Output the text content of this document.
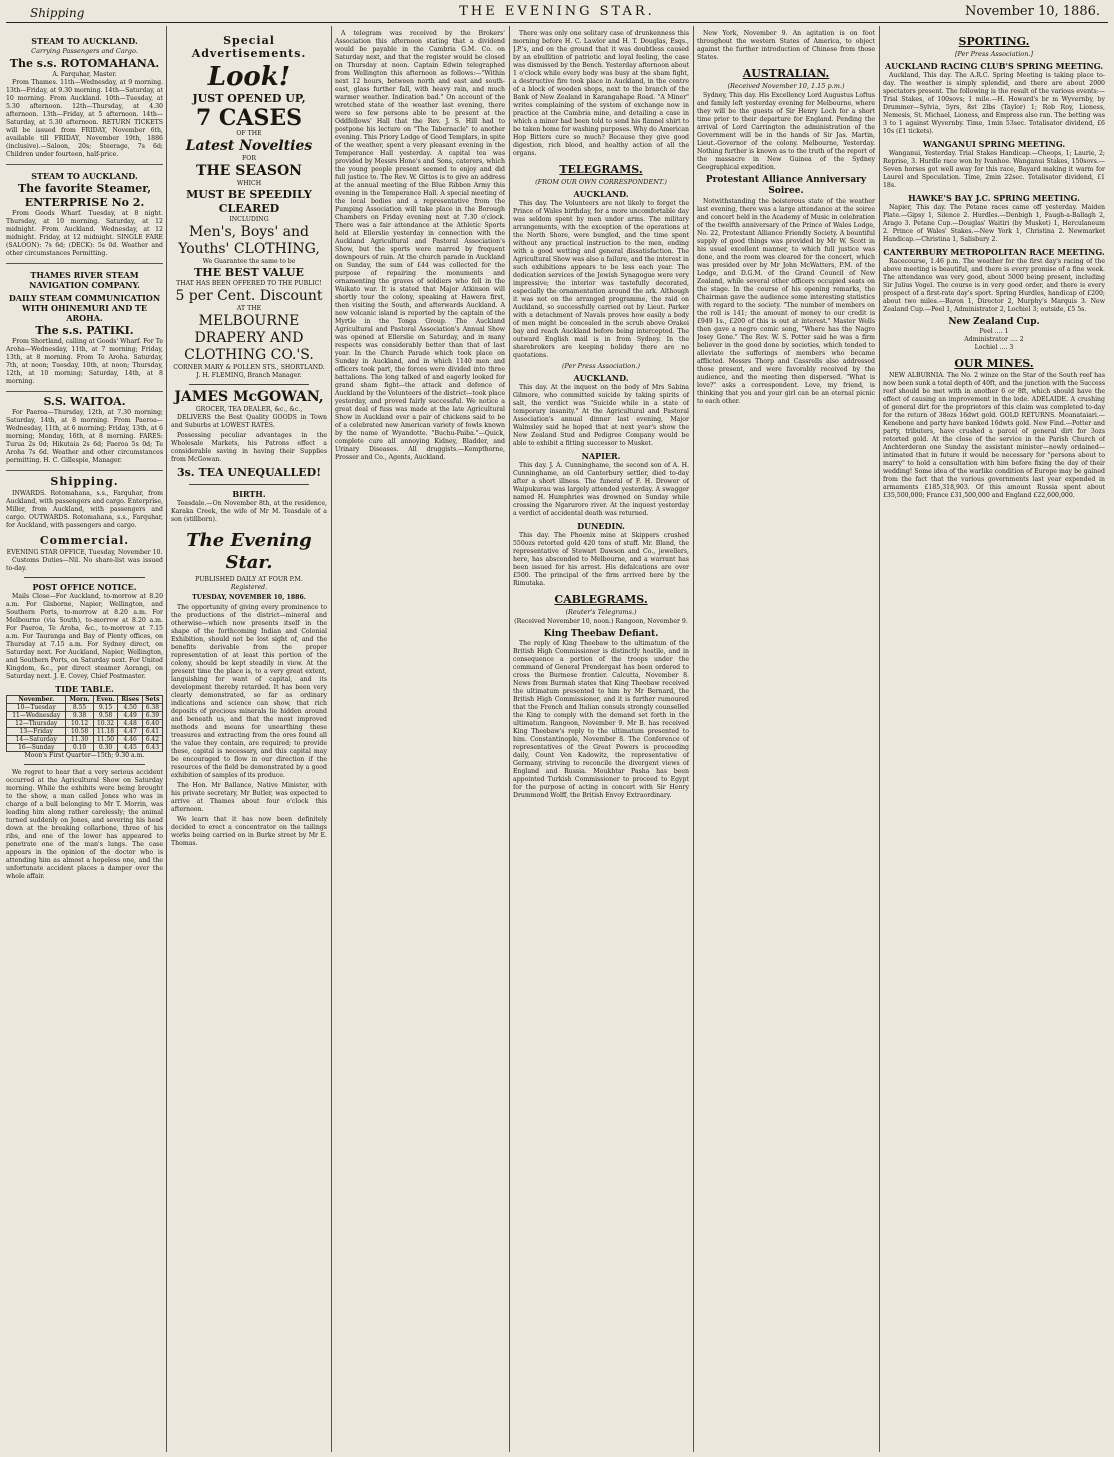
Shipping	THE EVENING STAR.	November 10, 1886.
STEAM TO AUCKLAND.
Carrying Passengers and Cargo.
The s.s. ROTOMAHANA.
A. Farquhar, Master.
From Thames. 11th—Wednesday, at 9 morning. 13th—Friday, at 9.30 morning. 14th—Saturday, at 10 morning. From Auckland. 10th—Tuesday, at 5.30 afternoon. 12th—Thursday, at 4.30 afternoon. 13th—Friday, at 5 afternoon. 14th—Saturday, at 5.30 afternoon. RETURN TICKETS will be issued from FRIDAY, November 6th, available till FRIDAY, November 19th, 1886 (inclusive).—Saloon, 20s; Steerage, 7s 6d; Children under fourteen, half-price.
STEAM TO AUCKLAND.
The favorite Steamer, ENTERPRISE No 2.
From Goods Wharf. Tuesday, at 8 night. Thursday, at 10 morning. Saturday, at 12 midnight. From Auckland. Wednesday, at 12 midnight. Friday, at 12 midnight. SINGLE FARE (SALOON): 7s 6d; (DECK): 5s 0d. Weather and other circumstances Permitting.
THAMES RIVER STEAM NAVIGATION COMPANY.
DAILY STEAM COMMUNICATION WITH OHINEMURI AND TE AROHA.
The s.s. PATIKI.
From Shortland, calling at Goods' Wharf. For Te Aroha—Wednesday, 11th, at 7 morning; Friday, 13th, at 8 morning. From Te Aroha. Saturday, 7th, at noon; Tuesday, 10th, at noon; Thursday, 12th, at 10 morning; Saturday, 14th, at 8 morning.
S.S. WAITOA.
For Paeroa—Thursday, 12th, at 7.30 morning; Saturday, 14th, at 8 morning. From Paeroa—Wednesday, 11th, at 6 morning; Friday, 13th, at 6 morning; Monday, 16th, at 8 morning. FARES: Turua 2s 0d; Hikutaia 2s 6d; Paeroa 5s 0d; Te Aroha 7s 6d. Weather and other circumstances permitting. H. C. Gillespie, Manager.
Shipping.
INWARDS. Rotomahana, s.s., Farquhar, from Auckland, with passengers and cargo. Enterprise, Miller, from Auckland, with passengers and cargo. OUTWARDS. Rotomahana, s.s., Farquhar, for Auckland, with passengers and cargo.
Commercial.
EVENING STAR OFFICE, Tuesday, November 10.
Customs Duties—Nil. No share-list was issued to-day.
POST OFFICE NOTICE.
Mails Close—For Auckland, to-morrow at 8.20 a.m. For Gisborne, Napier, Wellington, and Southern Ports, to-morrow at 8.20 a.m. For Melbourne (via South), to-morrow at 8.20 a.m. For Paeroa, Te Aroha, &c., to-morrow at 7.15 a.m. For Tauranga and Bay of Plenty offices, on Thursday at 7.15 a.m. For Sydney direct, on Saturday next. For Auckland, Napier, Wellington, and Southern Ports, on Saturday next. For United Kingdom, &c., per direct steamer Aorangi, on Saturday next. J. E. Covey, Chief Postmaster.
TIDE TABLE.
November.	Morn.	Even.	Rises	Sets
10—Tuesday	8.55	9.15	4.50	6.38
11—Wednesday	9.38	9.58	4.49	6.39
12—Thursday	10.12	10.32	4.48	6.40
13—Friday	10.58	11.18	4.47	6.41
14—Saturday	11.30	11.50	4.46	6.42
16—Sunday	0.10	0.30	4.45	6.43
Moon's First Quarter—15th; 9.30 a.m.
We regret to hear that a very serious accident occurred at the Agricultural Show on Saturday morning. While the exhibits were being brought to the show, a man called Jones who was in charge of a bull belonging to Mr T. Morrin, was leading him along rather carelessly; the animal turned suddenly on Jones, and severing his head down at the breaking collarbone, three of his ribs, and one of the lower has appeared to penetrate one of the man's lungs. The case appears in the opinion of the doctor who is attending him as almost a hopeless one, and the unfortunate accident places a damper over the whole affair.
Special Advertisements.
Look!
JUST OPENED UP,
7 CASES
OF THE
Latest Novelties
FOR
THE SEASON
WHICH
MUST BE SPEEDILY CLEARED
INCLUDING
Men's, Boys' and Youths' CLOTHING,
We Guarantee the same to be
THE BEST VALUE
THAT HAS BEEN OFFERED TO THE PUBLIC!
5 per Cent. Discount
AT THE
MELBOURNE DRAPERY AND CLOTHING CO.'S.
CORNER MARY & POLLEN STS., SHORTLAND.
J. H. FLEMING, Branch Manager.
JAMES McGOWAN,
GROCER, TEA DEALER, &c., &c.,
DELIVERS the Best Quality GOODS in Town and Suburbs at LOWEST RATES.
Possessing peculiar advantages in the Wholesale Markets, his Patrons effect a considerable saving in having their Supplies from McGowan.
3s. TEA UNEQUALLED!
BIRTH.
Teasdale.—On November 8th, at the residence, Karaka Creek, the wife of Mr M. Teasdale of a son (stillborn).
The Evening Star.
PUBLISHED DAILY AT FOUR P.M.
Registered.
TUESDAY, NOVEMBER 10, 1886.
The opportunity of giving every prominence to the productions of the district—mineral and otherwise—which now presents itself in the shape of the forthcoming Indian and Colonial Exhibition, should not be lost sight of, and the benefits derivable from the proper representation of at least this portion of the colony, should be kept steadily in view. At the present time the place is, to a very great extent, languishing for want of capital, and its development thereby retarded. It has been very clearly demonstrated, so far as ordinary indications and science can show, that rich deposits of precious minerals lie hidden around and beneath us, and that the most improved methods and means for unearthing these treasures and extracting from the ores found all the value they contain, are required; to provide these, capital is necessary, and this capital may be encouraged to flow in our direction if the resources of the field be demonstrated by a good exhibition of samples of its produce.
The Hon. Mr Ballance, Native Minister, with his private secretary, Mr Butler, was expected to arrive at Thames about four o'clock this afternoon.
We learn that it has now been definitely decided to erect a concentrator on the tailings works being carried on in Burke street by Mr E. Thomas.
A telegram was received by the Brokers' Association this afternoon stating that a dividend would be payable in the Cambria G.M. Co. on Saturday next, and that the register would be closed on Thursday at noon. Captain Edwin telegraphed from Wellington this afternoon as follows:—"Within next 12 hours, between north and east and south-east, glass further fall, with heavy rain, and much warmer weather. Indication bad." On account of the wretched state of the weather last evening, there were so few persons able to be present at the Oddfellows' Hall that the Rev. J. S. Hill had to postpone his lecture on "The Tabernacle" to another evening. This Priory Lodge of Good Templars, in spite of the weather, spent a very pleasant evening in the Temperance Hall yesterday. A capital tea was provided by Messrs Hone's and Sons, caterers, which the young people present seemed to enjoy and did full justice to. The Rev. W. Gittos is to give an address at the annual meeting of the Blue Ribbon Army this evening in the Temperance Hall. A special meeting of the local bodies and a representative from the Pumping Association will take place in the Borough Chambers on Friday evening next at 7.30 o'clock. There was a fair attendance at the Athletic Sports held at Ellerslie yesterday in connection with the Auckland Agricultural and Pastoral Association's Show, but the sports were marred by frequent downpours of rain. At the church parade in Auckland on Sunday, the sum of £44 was collected for the purpose of repairing the monuments and ornamenting the graves of soldiers who fell in the Waikato war. It is stated that Major Atkinson will shortly tour the colony, speaking at Hawera first, then visiting the South, and afterwards Auckland. A new volcanic island is reported by the captain of the Myrtle in the Tonga Group. The Auckland Agricultural and Pastoral Association's Annual Show was opened at Ellerslie on Saturday, and in many respects was considerably better than that of last year. In the Church Parade which took place on Sunday in Auckland, and in which 1140 men and officers took part, the forces were divided into three battalions. The long talked of and eagerly looked for grand sham fight—the attack and defence of Auckland by the Volunteers of the district—took place yesterday, and proved fairly successful. We notice a great deal of fuss was made at the late Agricultural Show in Auckland over a pair of chickens said to be of a celebrated new American variety of fowls known by the name of Wyandotte. "Buchu-Paiba."—Quick, complete cure all annoying Kidney, Bladder, and Urinary Diseases. All druggists.—Kempthorne, Prosser and Co., Agents, Auckland.
There was only one solitary case of drunkenness this morning before H. C. Lawlor and H. T. Douglas, Esqs., J.P.'s, and on the ground that it was doubtless caused by an ebullition of patriotic and loyal feeling, the case was dismissed by the Bench. Yesterday afternoon about 1 o'clock while every body was busy at the sham fight, a destructive fire took place in Auckland, in the centre of a block of wooden shops, next to the branch of the Bank of New Zealand in Karangahape Road. "A Miner" writes complaining of the system of exchange now in practice at the Cambria mine, and detailing a case in which a miner had been told to send his flannel shirt to be taken home for washing purposes. Why do American Hop Bitters cure so much? Because they give good digestion, rich blood, and healthy action of all the organs.
TELEGRAMS.
(FROM OUR OWN CORRESPONDENT.)
AUCKLAND.
This day. The Volunteers are not likely to forget the Prince of Wales birthday, for a more uncomfortable day was seldom spent by men under arms. The military arrangements, with the exception of the operations at the North Shore, were bungled, and the time spent without any practical instruction to the men, ending with a good wetting and general dissatisfaction. The Agricultural Show was also a failure, and the interest in such exhibitions appears to be less each year. The dedication services of the Jewish Synagogue were very impressive; the interior was tastefully decorated, especially the ornamentation around the ark. Although it was not on the arranged programme, the raid on Auckland, so successfully carried out by Lieut. Parker with a detachment of Navals proves how easily a body of men might be concealed in the scrub above Orakei bay and reach Auckland before being intercepted. The outward English mail is in from Sydney. In the sharebrokers are keeping holiday there are no quotations.
(Per Press Association.)
AUCKLAND.
This day. At the inquest on the body of Mrs Sabina Gilmore, who committed suicide by taking spirits of salt, the verdict was "Suicide while in a state of temporary insanity." At the Agricultural and Pastoral Association's annual dinner last evening, Major Walmsley said he hoped that at next year's show the New Zealand Stud and Pedigree Company would be able to exhibit a fitting successor to Musket.
NAPIER.
This day. J. A. Cunninghame, the second son of A. H. Cunninghame, an old Canterbury settler, died to-day after a short illness. The funeral of F. H. Drower of Waipukurau was largely attended yesterday. A swagger named H. Humphries was drowned on Sunday while crossing the Ngaruroro river. At the inquest yesterday a verdict of accidental death was returned.
DUNEDIN.
This day. The Phoenix mine at Skippers crushed 550ozs retorted gold 420 tons of stuff. Mr. Bland, the representative of Stewart Dawson and Co., jewellers, here, has absconded to Melbourne, and a warrant has been issued for his arrest. His defalcations are over £500. The principal of the firm arrived here by the Rimutaka.
CABLEGRAMS.
(Reuter's Telegrams.)
(Received November 10, noon.) Rangoon, November 9.
King Theebaw Defiant.
The reply of King Theebaw to the ultimatum of the British High Commissioner is distinctly hostile, and in consequence a portion of the troops under the command of General Prendergast has been ordered to cross the Burmese frontier. Calcutta, November 8. News from Burmah states that King Theebaw received the ultimatum presented to him by Mr Bernard, the British High Commissioner, and it is further rumoured that the French and Italian consuls strongly counselled the King to comply with the demand set forth in the ultimatum. Rangoon, November 9. Mr B. has received King Theebaw's reply to the ultimatum presented to him. Constantinople, November 8. The Conference of representatives of the Great Powers is proceeding daily, Count Von Kadowitz, the representative of Germany, striving to reconcile the divergent views of England and Russia. Moukhtar Pasha has been appointed Turkish Commissioner to proceed to Egypt for the purpose of acting in concert with Sir Henry Drummond Wolff, the British Envoy Extraordinary.
New York, November 9. An agitation is on foot throughout the western States of America, to object against the further introduction of Chinese from those States.
AUSTRALIAN.
(Received November 10, 1.15 p.m.)
Sydney, This day. His Excellency Lord Augustus Loftus and family left yesterday evening for Melbourne, where they will be the guests of Sir Henry Loch for a short time prior to their departure for England. Pending the arrival of Lord Carrington the administration of the Government will be in the hands of Sir Jas. Martin, Lieut.-Governor of the colony. Melbourne, Yesterday. Nothing further is known as to the truth of the report of the massacre in New Guinea of the Sydney Geographical expedition.
Protestant Alliance Anniversary Soiree.
Notwithstanding the boisterous state of the weather last evening, there was a large attendance at the soiree and concert held in the Academy of Music in celebration of the twelfth anniversary of the Prince of Wales Lodge, No. 22, Protestant Alliance Friendly Society. A bountiful supply of good things was provided by Mr W. Scott in his usual excellent manner, to which full justice was done, and the room was cleared for the concert, which was presided over by Mr John McWatters, P.M. of the Lodge, and D.G.M. of the Grand Council of New Zealand, while several other officers occupied seats on the stage. In the course of his opening remarks, the Chairman gave the audience some interesting statistics with regard to the society. "The number of members on the roll is 141; the amount of money to our credit is £949 1s., £200 of this is out at interest." Master Wells then gave a negro comic song, "Where has the Nagro Josey Gone." The Rev. W. S. Potter said he was a firm believer in the good done by societies, which tended to alleviate the sufferings of members who became afflicted. Messrs Thorp and Cassrells also addressed those present, and were favorably received by the audience, and the meeting then dispersed. "What is love?" asks a correspondent. Love, my friend, is thinking that you and your girl can be an eternal picnic to each other.
SPORTING.
[Per Press Association.]
AUCKLAND RACING CLUB'S SPRING MEETING.
Auckland, This day. The A.R.C. Spring Meeting is taking place to-day. The weather is simply splendid, and there are about 2000 spectators present. The following is the result of the various events:— Trial Stakes, of 100sovs; 1 mile.—H. Howard's br m Wyvernby, by Drummer—Sylvia, 5yrs, 8st 2lbs (Taylor) 1; Rob Roy, Lioness, Nemesis, St. Michael, Lioness, and Empress also ran. The betting was 3 to 1 against Wyvernby. Time, 1min 53sec. Totalisator dividend, £6 10s (£1 tickets).
WANGANUI SPRING MEETING.
Wanganui, Yesterday. Trial Stakes Handicap.—Cheops, 1; Laurie, 2; Reprise, 3. Hurdle race won by Ivanhoe. Wanganui Stakes, 150sovs.—Seven horses got well away for this race, Bayard making it warm for Laurel and Speculation. Time, 2min 22sec. Totalisator dividend, £1 18s.
HAWKE'S BAY J.C. SPRING MEETING.
Napier, This day. The Petane races came off yesterday. Maiden Plate.—Gipsy 1, Silence 2. Hurdles.—Denbigh 1, Faugh-a-Ballagh 2, Arago 3. Petane Cup.—Douglas' Waitiri (by Musket) 1, Herculaneum 2. Prince of Wales' Stakes.—New York 1, Christina 2. Newmarket Handicap.—Christina 1, Salisbury 2.
CANTERBURY METROPOLITAN RACE MEETING.
Racecourse, 1.46 p.m. The weather for the first day's racing of the above meeting is beautiful, and there is every promise of a fine week. The attendance was very good, about 5000 being present, including Sir Julius Vogel. The course is in very good order, and there is every prospect of a first-rate day's sport. Spring Hurdles, handicap of £200; about two miles.—Baron 1, Director 2, Murphy's Marquis 3. New Zealand Cup.—Peel 1, Administrator 2, Lochiel 3; outside, £5 5s.
New Zealand Cup.
Peel .... 1
Administrator .... 2
Lochiel .... 3
OUR MINES.
NEW ALBURNIA. The No. 2 winze on the Star of the South reef has now been sunk a total depth of 40ft, and the junction with the Success reef should be met with in another 6 or 8ft, which should have the effect of causing an improvement in the lode. ADELAIDE. A crushing of general dirt for the proprietors of this claim was completed to-day for the return of 38ozs 16dwt gold. GOLD RETURNS. Moanataiari.—Kenebone and party have banked 16dwts gold. New Find.—Potter and party, tributers, have crushed a parcel of general dirt for 3ozs retorted gold. At the close of the service in the Parish Church of Anchterderan one Sunday the assistant minister—newly ordained—intimated that in future it would be necessary for "persons about to marry" to hold a consultation with him before fixing the day of their wedding! Some idea of the warlike condition of Europe may be gained from the fact that the various governments last year expended in armaments £185,318,903. Of this amount Russia spent about £35,500,000; France £31,500,000 and England £22,600,000.
